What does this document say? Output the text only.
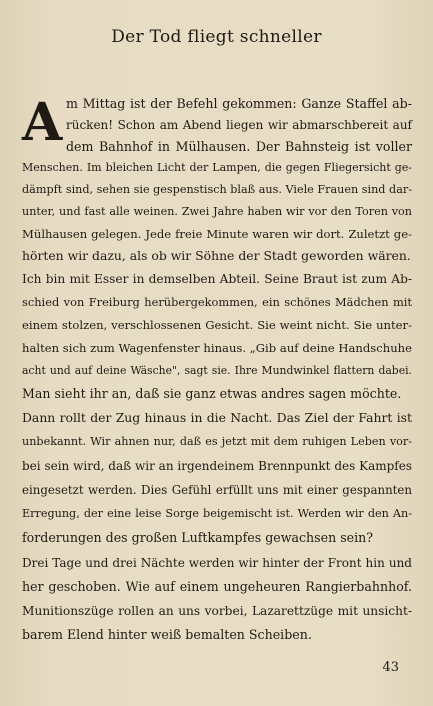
Der Tod fliegt schneller
A m Mittag ist der Befehl gekommen: Ganze Staffel ab-
rücken! Schon am Abend liegen wir abmarschbereit auf
dem Bahnhof in Mülhausen. Der Bahnsteig ist voller
Menschen. Im bleichen Licht der Lampen, die gegen Fliegersicht ge-
dämpft sind, sehen sie gespenstisch blaß aus. Viele Frauen sind dar-
unter, und fast alle weinen. Zwei Jahre haben wir vor den Toren von
Mülhausen gelegen. Jede freie Minute waren wir dort. Zuletzt ge-
hörten wir dazu, als ob wir Söhne der Stadt geworden wären.
Ich bin mit Esser in demselben Abteil. Seine Braut ist zum Ab-
schied von Freiburg herübergekommen, ein schönes Mädchen mit
einem stolzen, verschlossenen Gesicht. Sie weint nicht. Sie unter-
halten sich zum Wagenfenster hinaus. „Gib auf deine Handschuhe
acht und auf deine Wäsche", sagt sie. Ihre Mundwinkel flattern dabei.
Man sieht ihr an, daß sie ganz etwas andres sagen möchte.
Dann rollt der Zug hinaus in die Nacht. Das Ziel der Fahrt ist
unbekannt. Wir ahnen nur, daß es jetzt mit dem ruhigen Leben vor-
bei sein wird, daß wir an irgendeinem Brennpunkt des Kampfes
eingesetzt werden. Dies Gefühl erfüllt uns mit einer gespannten
Erregung, der eine leise Sorge beigemischt ist. Werden wir den An-
forderungen des großen Luftkampfes gewachsen sein?
Drei Tage und drei Nächte werden wir hinter der Front hin und
her geschoben. Wie auf einem ungeheuren Rangierbahnhof.
Munitionszüge rollen an uns vorbei, Lazarettzüge mit unsicht-
barem Elend hinter weiß bemalten Scheiben.
43
